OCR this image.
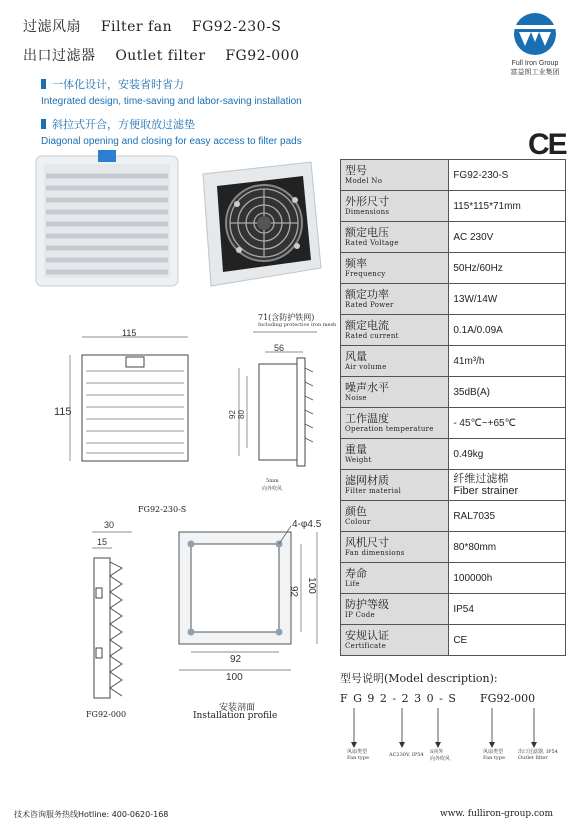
过滤风扇 Filter fan FG92-230-S
出口过滤器 Outlet filter FG92-000	Full Iron Group
富益朗工业集团
一体化设计，安装省时省力
Integrated design, time-saving and labor-saving installation
斜拉式开合，方便取放过滤垫
Diagonal opening and closing for easy access to filter pads	CE
型号
Model No	FG92-230-S

外形尺寸
Dimensions	115*115*71mm

额定电压
Rated Voltage	AC 230V

频率
Frequency	50Hz/60Hz

额定功率
Rated Power	13W/14W

额定电流
Rated current	0.1A/0.09A

风量
Air volume	41m³/h

噪声水平
Noise	35dB(A)

工作温度
Operation temperature	- 45℃~+65℃

重量
Weight	0.49kg

滤网材质
Filter material	纤维过滤棉
Fiber strainer

颜色
Colour	RAL7035

风机尺寸
Fan dimensions	80*80mm

寿命
Life	100000h

防护等级
IP Code	IP54

安规认证
Certificate	CE
115
115
FG92-230-S
71(含防护铁网)
Including protective iron mesh
56
92 80
5mm
向外吹风
30
15
FG92-000
4-φ4.5
92 100
92
100
安装剖面
Installation profile
型号说明(Model description):
F G 9 2 - 2 3 0 - S FG92-000
风扇类型
Fan type	AC230V, IP54 S向外
向外吹风
风扇类型
Fan type
出口过滤器, IP54
Outlet filter
技术咨询服务热线Hotline: 400-0620-168	www. fulliron-group.com
